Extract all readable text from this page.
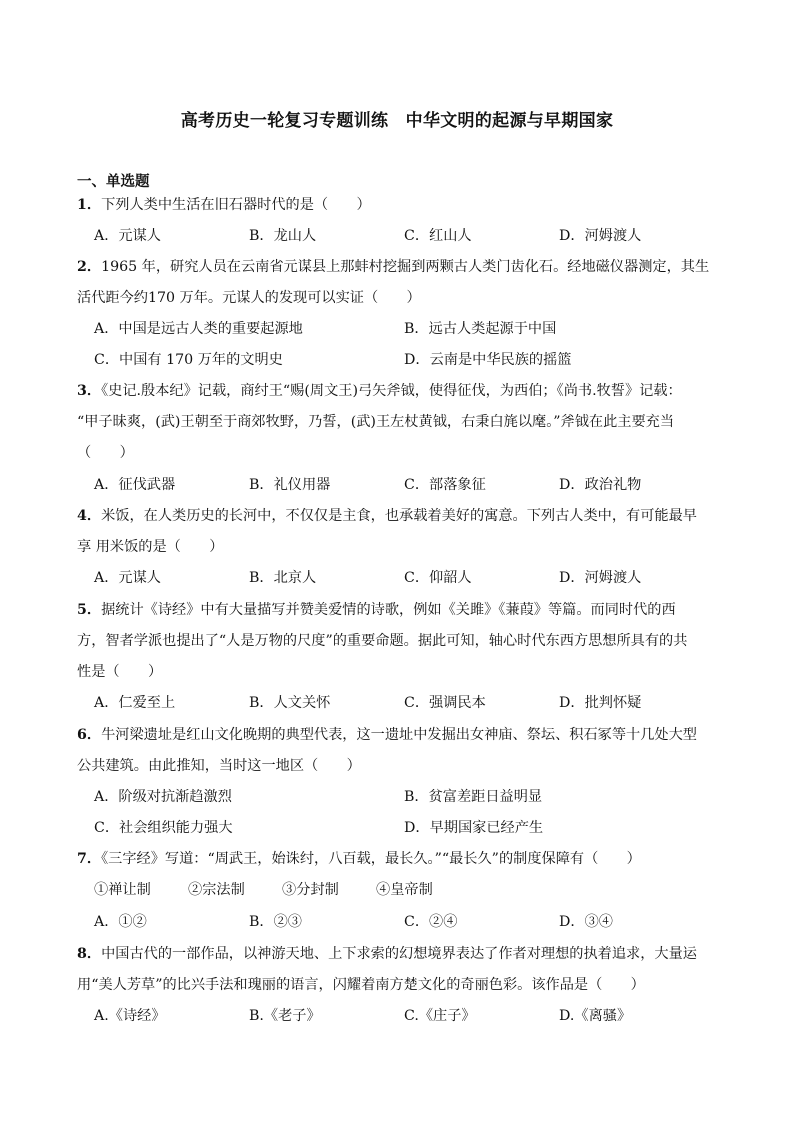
高考历史一轮复习专题训练　中华文明的起源与早期国家
一、单选题
1．下列人类中生活在旧石器时代的是（　　）
A．元谋人	B．龙山人	C．红山人	D．河姆渡人
2．1965 年，研究人员在云南省元谋县上那蚌村挖掘到两颗古人类门齿化石。经地磁仪器测定，其生
活代距今约170 万年。元谋人的发现可以实证（　　）
A．中国是远古人类的重要起源地	B．远古人类起源于中国
C．中国有 170 万年的文明史	D．云南是中华民族的摇篮
3．《史记.殷本纪》记载，商纣王“赐(周文王)弓矢斧钺，使得征伐，为西伯；《尚书.牧誓》记载：
“甲子昧爽，(武)王朝至于商郊牧野，乃誓，(武)王左杖黄钺，右秉白旄以麾。”斧钺在此主要充当
（　　）
A．征伐武器	B．礼仪用器	C．部落象征	D．政治礼物
4．米饭，在人类历史的长河中，不仅仅是主食，也承载着美好的寓意。下列古人类中，有可能最早
享 用米饭的是（　　）
A．元谋人	B．北京人	C．仰韶人	D．河姆渡人
5．据统计《诗经》中有大量描写并赞美爱情的诗歌，例如《关雎》《蒹葭》等篇。而同时代的西
方，智者学派也提出了“人是万物的尺度”的重要命题。据此可知，轴心时代东西方思想所具有的共
性是（　　）
A．仁爱至上	B．人文关怀	C．强调民本	D．批判怀疑
6．牛河梁遗址是红山文化晚期的典型代表，这一遗址中发掘出女神庙、祭坛、积石冢等十几处大型
公共建筑。由此推知，当时这一地区（　　）
A．阶级对抗渐趋激烈	B．贫富差距日益明显
C．社会组织能力强大	D．早期国家已经产生
7．《三字经》写道：“周武王，始诛纣，八百载，最长久。”“最长久”的制度保障有（　　）
①禅让制	②宗法制	③分封制	④皇帝制
A．①②	B．②③	C．②④	D．③④
8．中国古代的一部作品，以神游天地、上下求索的幻想境界表达了作者对理想的执着追求，大量运
用“美人芳草”的比兴手法和瑰丽的语言，闪耀着南方楚文化的奇丽色彩。该作品是（　　）
A.《诗经》	B.《老子》	C.《庄子》	D.《离骚》
